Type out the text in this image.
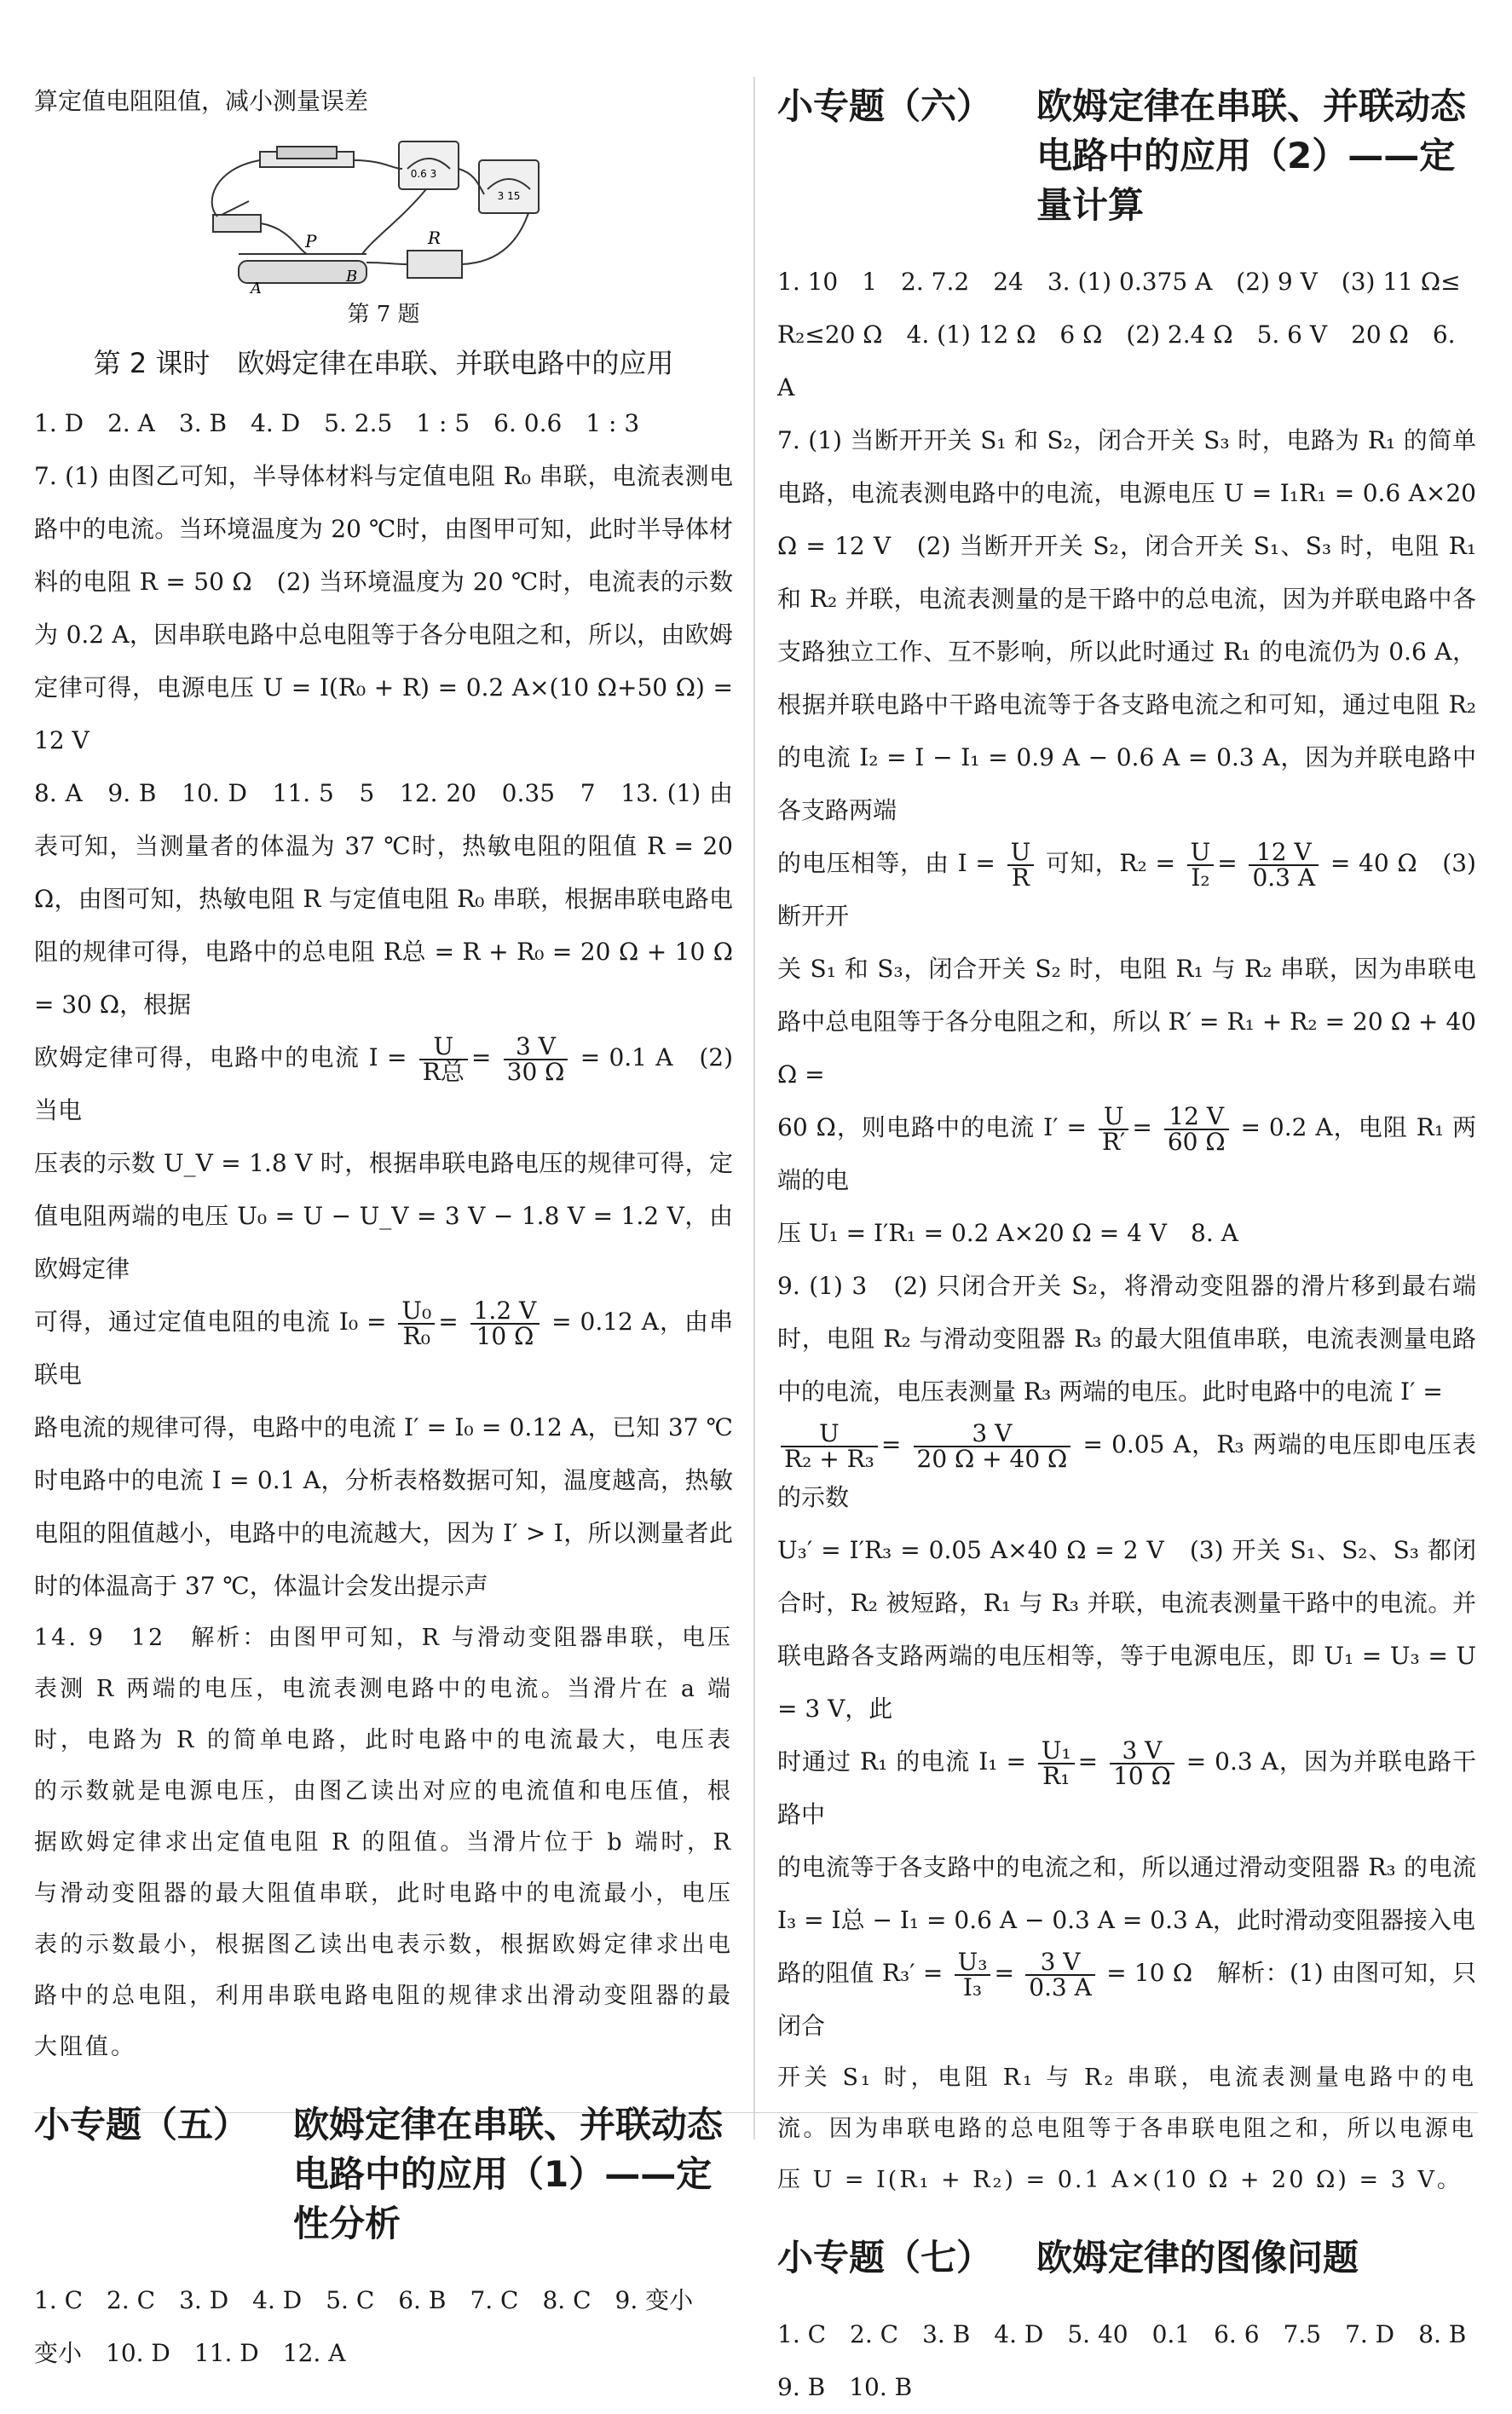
算定值电阻阻值，减小测量误差

0.6 3
3 15
P	R
A
B
第 7 题
第 2 课时　欧姆定律在串联、并联电路中的应用

1. D　2. A　3. B　4. D　5. 2.5　1 : 5　6. 0.6　1 : 3

7. (1) 由图乙可知，半导体材料与定值电阻 R₀ 串联，电流表测电路中的电流。当环境温度为 20 ℃时，由图甲可知，此时半导体材料的电阻 R = 50 Ω　(2) 当环境温度为 20 ℃时，电流表的示数为 0.2 A，因串联电路中总电阻等于各分电阻之和，所以，由欧姆定律可得，电源电压 U = I(R₀ + R) = 0.2 A×(10 Ω+50 Ω) = 12 V

8. A　9. B　10. D　11. 5　5　12. 20　0.35　7　13. (1) 由表可知，当测量者的体温为 37 ℃时，热敏电阻的阻值 R = 20 Ω，由图可知，热敏电阻 R 与定值电阻 R₀ 串联，根据串联电路电阻的规律可得，电路中的总电阻 R总 = R + R₀ = 20 Ω + 10 Ω = 30 Ω，根据

欧姆定律可得，电路中的电流 $I = \frac{U}{\text{R总}} = \frac{3 V}{30 \Omega} = 0.1$ A　(2) 当电

压表的示数 U_V = 1.8 V 时，根据串联电路电压的规律可得，定值电阻两端的电压 U₀ = U − U_V = 3 V − 1.8 V = 1.2 V，由欧姆定律

可得，通过定值电阻的电流 $I_0 = \frac{\text{U₀}}{\text{R₀}} = \frac{1.2 V}{10 \Omega} = 0.12$ A，由串联电

路电流的规律可得，电路中的电流 I′ = I₀ = 0.12 A，已知 37 ℃时电路中的电流 I = 0.1 A，分析表格数据可知，温度越高，热敏电阻的阻值越小，电路中的电流越大，因为 I′ > I，所以测量者此时的体温高于 37 ℃，体温计会发出提示声

14. 9　12　解析：由图甲可知，R 与滑动变阻器串联，电压表测 R 两端的电压，电流表测电路中的电流。当滑片在 a 端时，电路为 R 的简单电路，此时电路中的电流最大，电压表的示数就是电源电压，由图乙读出对应的电流值和电压值，根据欧姆定律求出定值电阻 R 的阻值。当滑片位于 b 端时，R 与滑动变阻器的最大阻值串联，此时电路中的电流最小，电压表的示数最小，根据图乙读出电表示数，根据欧姆定律求出电路中的总电阻，利用串联电路电阻的规律求出滑动变阻器的最大阻值。

小专题（五）	欧姆定律在串联、并联动态电路中的应用（1）——定性分析

1. C　2. C　3. D　4. D　5. C　6. B　7. C　8. C　9. 变小　变小　10. D　11. D　12. A

小专题（六）	欧姆定律在串联、并联动态电路中的应用（2）——定量计算

1. 10　1　2. 7.2　24　3. (1) 0.375 A　(2) 9 V　(3) 11 Ω≤ R₂≤20 Ω　4. (1) 12 Ω　6 Ω　(2) 2.4 Ω　5. 6 V　20 Ω　6. A

7. (1) 当断开开关 S₁ 和 S₂，闭合开关 S₃ 时，电路为 R₁ 的简单电路，电流表测电路中的电流，电源电压 U = I₁R₁ = 0.6 A×20 Ω = 12 V　(2) 当断开开关 S₂，闭合开关 S₁、S₃ 时，电阻 R₁ 和 R₂ 并联，电流表测量的是干路中的总电流，因为并联电路中各支路独立工作、互不影响，所以此时通过 R₁ 的电流仍为 0.6 A，根据并联电路中干路电流等于各支路电流之和可知，通过电阻 R₂ 的电流 I₂ = I − I₁ = 0.9 A − 0.6 A = 0.3 A，因为并联电路中各支路两端

的电压相等，由 $I = \frac{U}{R}$ 可知，$R_2 = \frac{U}{\text{I₂}} = \frac{12 V}{0.3 A} = 40$ Ω　(3) 断开开

关 S₁ 和 S₃，闭合开关 S₂ 时，电阻 R₁ 与 R₂ 串联，因为串联电路中总电阻等于各分电阻之和，所以 R′ = R₁ + R₂ = 20 Ω + 40 Ω =

60 Ω，则电路中的电流 $I' = \frac{U}{R'} = \frac{12 V}{60 \Omega} = 0.2$ A，电阻 R₁ 两端的电

压 U₁ = I′R₁ = 0.2 A×20 Ω = 4 V　8. A

9. (1) 3　(2) 只闭合开关 S₂，将滑动变阻器的滑片移到最右端时，电阻 R₂ 与滑动变阻器 R₃ 的最大阻值串联，电流表测量电路中的电流，电压表测量 R₃ 两端的电压。此时电路中的电流 I′ =

$\frac{U}{\text{R₂ + R₃}} = \frac{3 V}{20 \Omega + 40 \Omega} = 0.05$ A，R₃ 两端的电压即电压表的示数

U₃′ = I′R₃ = 0.05 A×40 Ω = 2 V　(3) 开关 S₁、S₂、S₃ 都闭合时，R₂ 被短路，R₁ 与 R₃ 并联，电流表测量干路中的电流。并联电路各支路两端的电压相等，等于电源电压，即 U₁ = U₃ = U = 3 V，此

时通过 R₁ 的电流 $I_1 = \frac{\text{U₁}}{\text{R₁}} = \frac{3 V}{10 \Omega} = 0.3$ A，因为并联电路干路中

的电流等于各支路中的电流之和，所以通过滑动变阻器 R₃ 的电流 I₃ = I总 − I₁ = 0.6 A − 0.3 A = 0.3 A，此时滑动变阻器接入电

路的阻值 $R_3' = \frac{\text{U₃}}{\text{I₃}} = \frac{3 V}{0.3 A} = 10$ Ω　解析：(1) 由图可知，只闭合

开关 S₁ 时，电阻 R₁ 与 R₂ 串联，电流表测量电路中的电流。因为串联电路的总电阻等于各串联电阻之和，所以电源电压 U = I(R₁ + R₂) = 0.1 A×(10 Ω + 20 Ω) = 3 V。

小专题（七）	欧姆定律的图像问题

1. C　2. C　3. B　4. D　5. 40　0.1　6. 6　7.5　7. D　8. B　9. B　10. B
